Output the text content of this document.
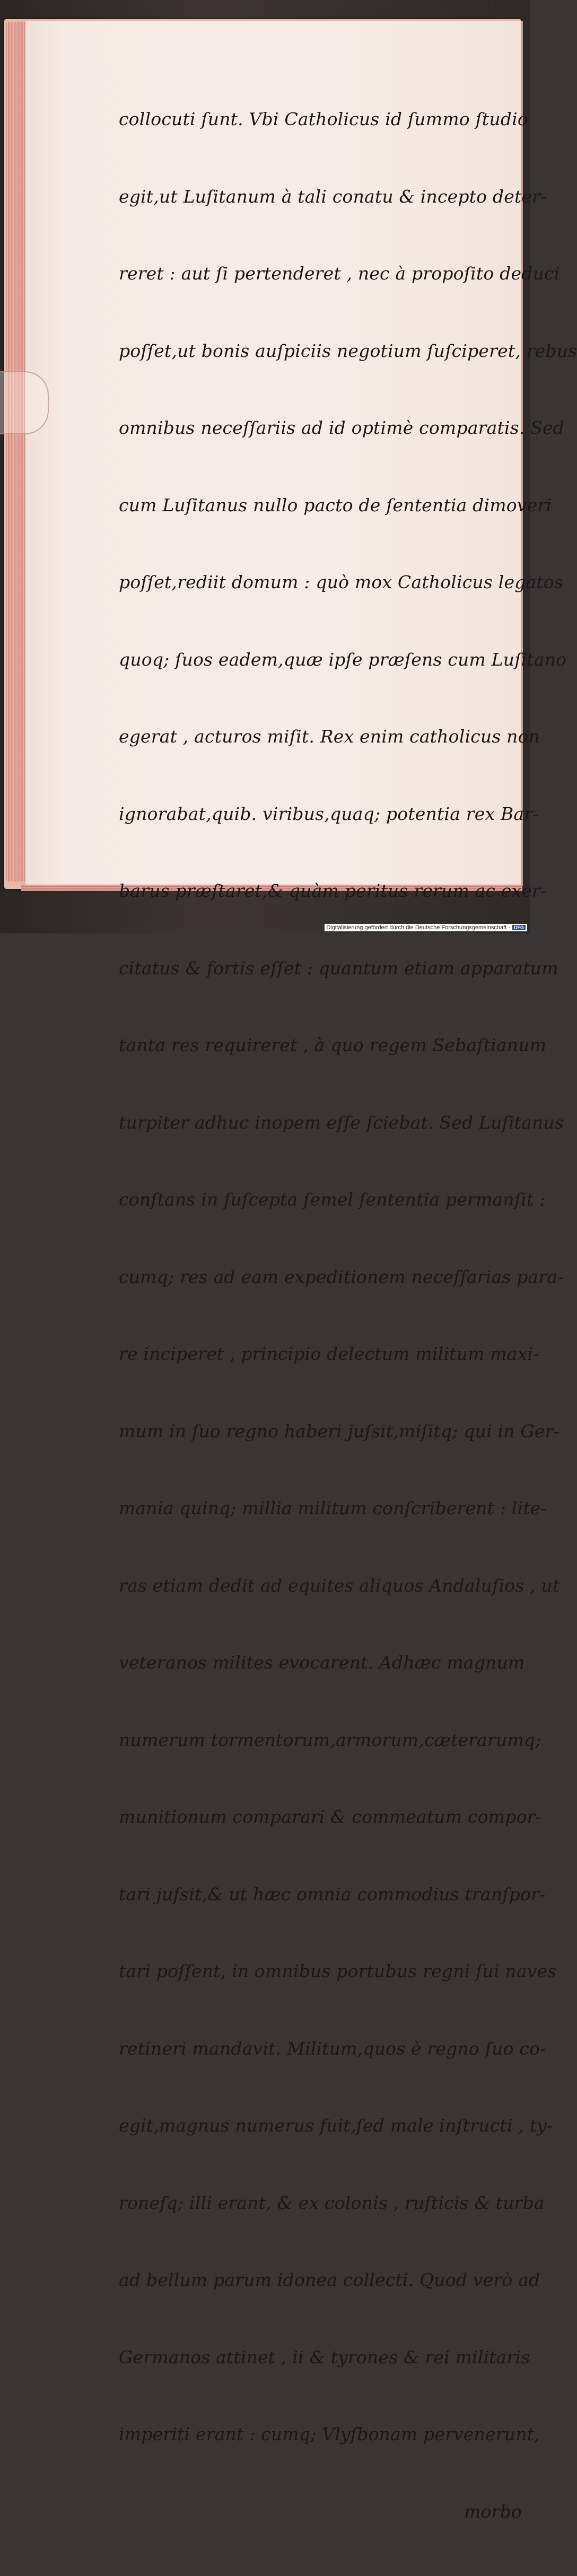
collocuti ſunt. Vbi Catholicus id ſummo ſtudio

egit,ut Luſitanum à tali conatu & incepto deter-

reret : aut ſi pertenderet , nec à propoſito deduci

poſſet,ut bonis auſpiciis negotium ſuſciperet, rebus

omnibus neceſſariis ad id optimè comparatis. Sed

cum Luſitanus nullo pacto de ſententia dimoveri

poſſet,rediit domum : quò mox Catholicus legatos

quoq; ſuos eadem,quæ ipſe præſens cum Luſitano

egerat , acturos miſit. Rex enim catholicus non

ignorabat,quib. viribus,quaq; potentia rex Bar-

barus præſtaret,& quàm peritus rerum ac exer-

citatus & fortis eſſet : quantum etiam apparatum

tanta res requireret , à quo regem Sebaſtianum

turpiter adhuc inopem eſſe ſciebat. Sed Luſitanus

conſtans in ſuſcepta ſemel ſententia permanſit :

cumq; res ad eam expeditionem neceſſarias para-

re inciperet , principio delectum militum maxi-

mum in ſuo regno haberi juſsit,miſitq; qui in Ger-

mania quinq; millia militum conſcriberent : lite-

ras etiam dedit ad equites aliquos Andaluſios , ut

veteranos milites evocarent. Adhæc magnum

numerum tormentorum,armorum,cæterarumq;

munitionum comparari & commeatum compor-

tari juſsit,& ut hæc omnia commodius tranſpor-

tari poſſent, in omnibus portubus regni ſui naves

retineri mandavit. Militum,quos è regno ſuo co-

egit,magnus numerus fuit,ſed male inſtructi , ty-

roneſq; illi erant, & ex colonis , ruſticis & turba

ad bellum parum idonea collecti. Quod verò ad

Germanos attinet , ii & tyrones & rei militaris

imperiti erant : cumq; Vlyſbonam pervenerunt,

morbo

Digitalisierung gefördert durch die Deutsche Forschungsgemeinschaft - DFG
